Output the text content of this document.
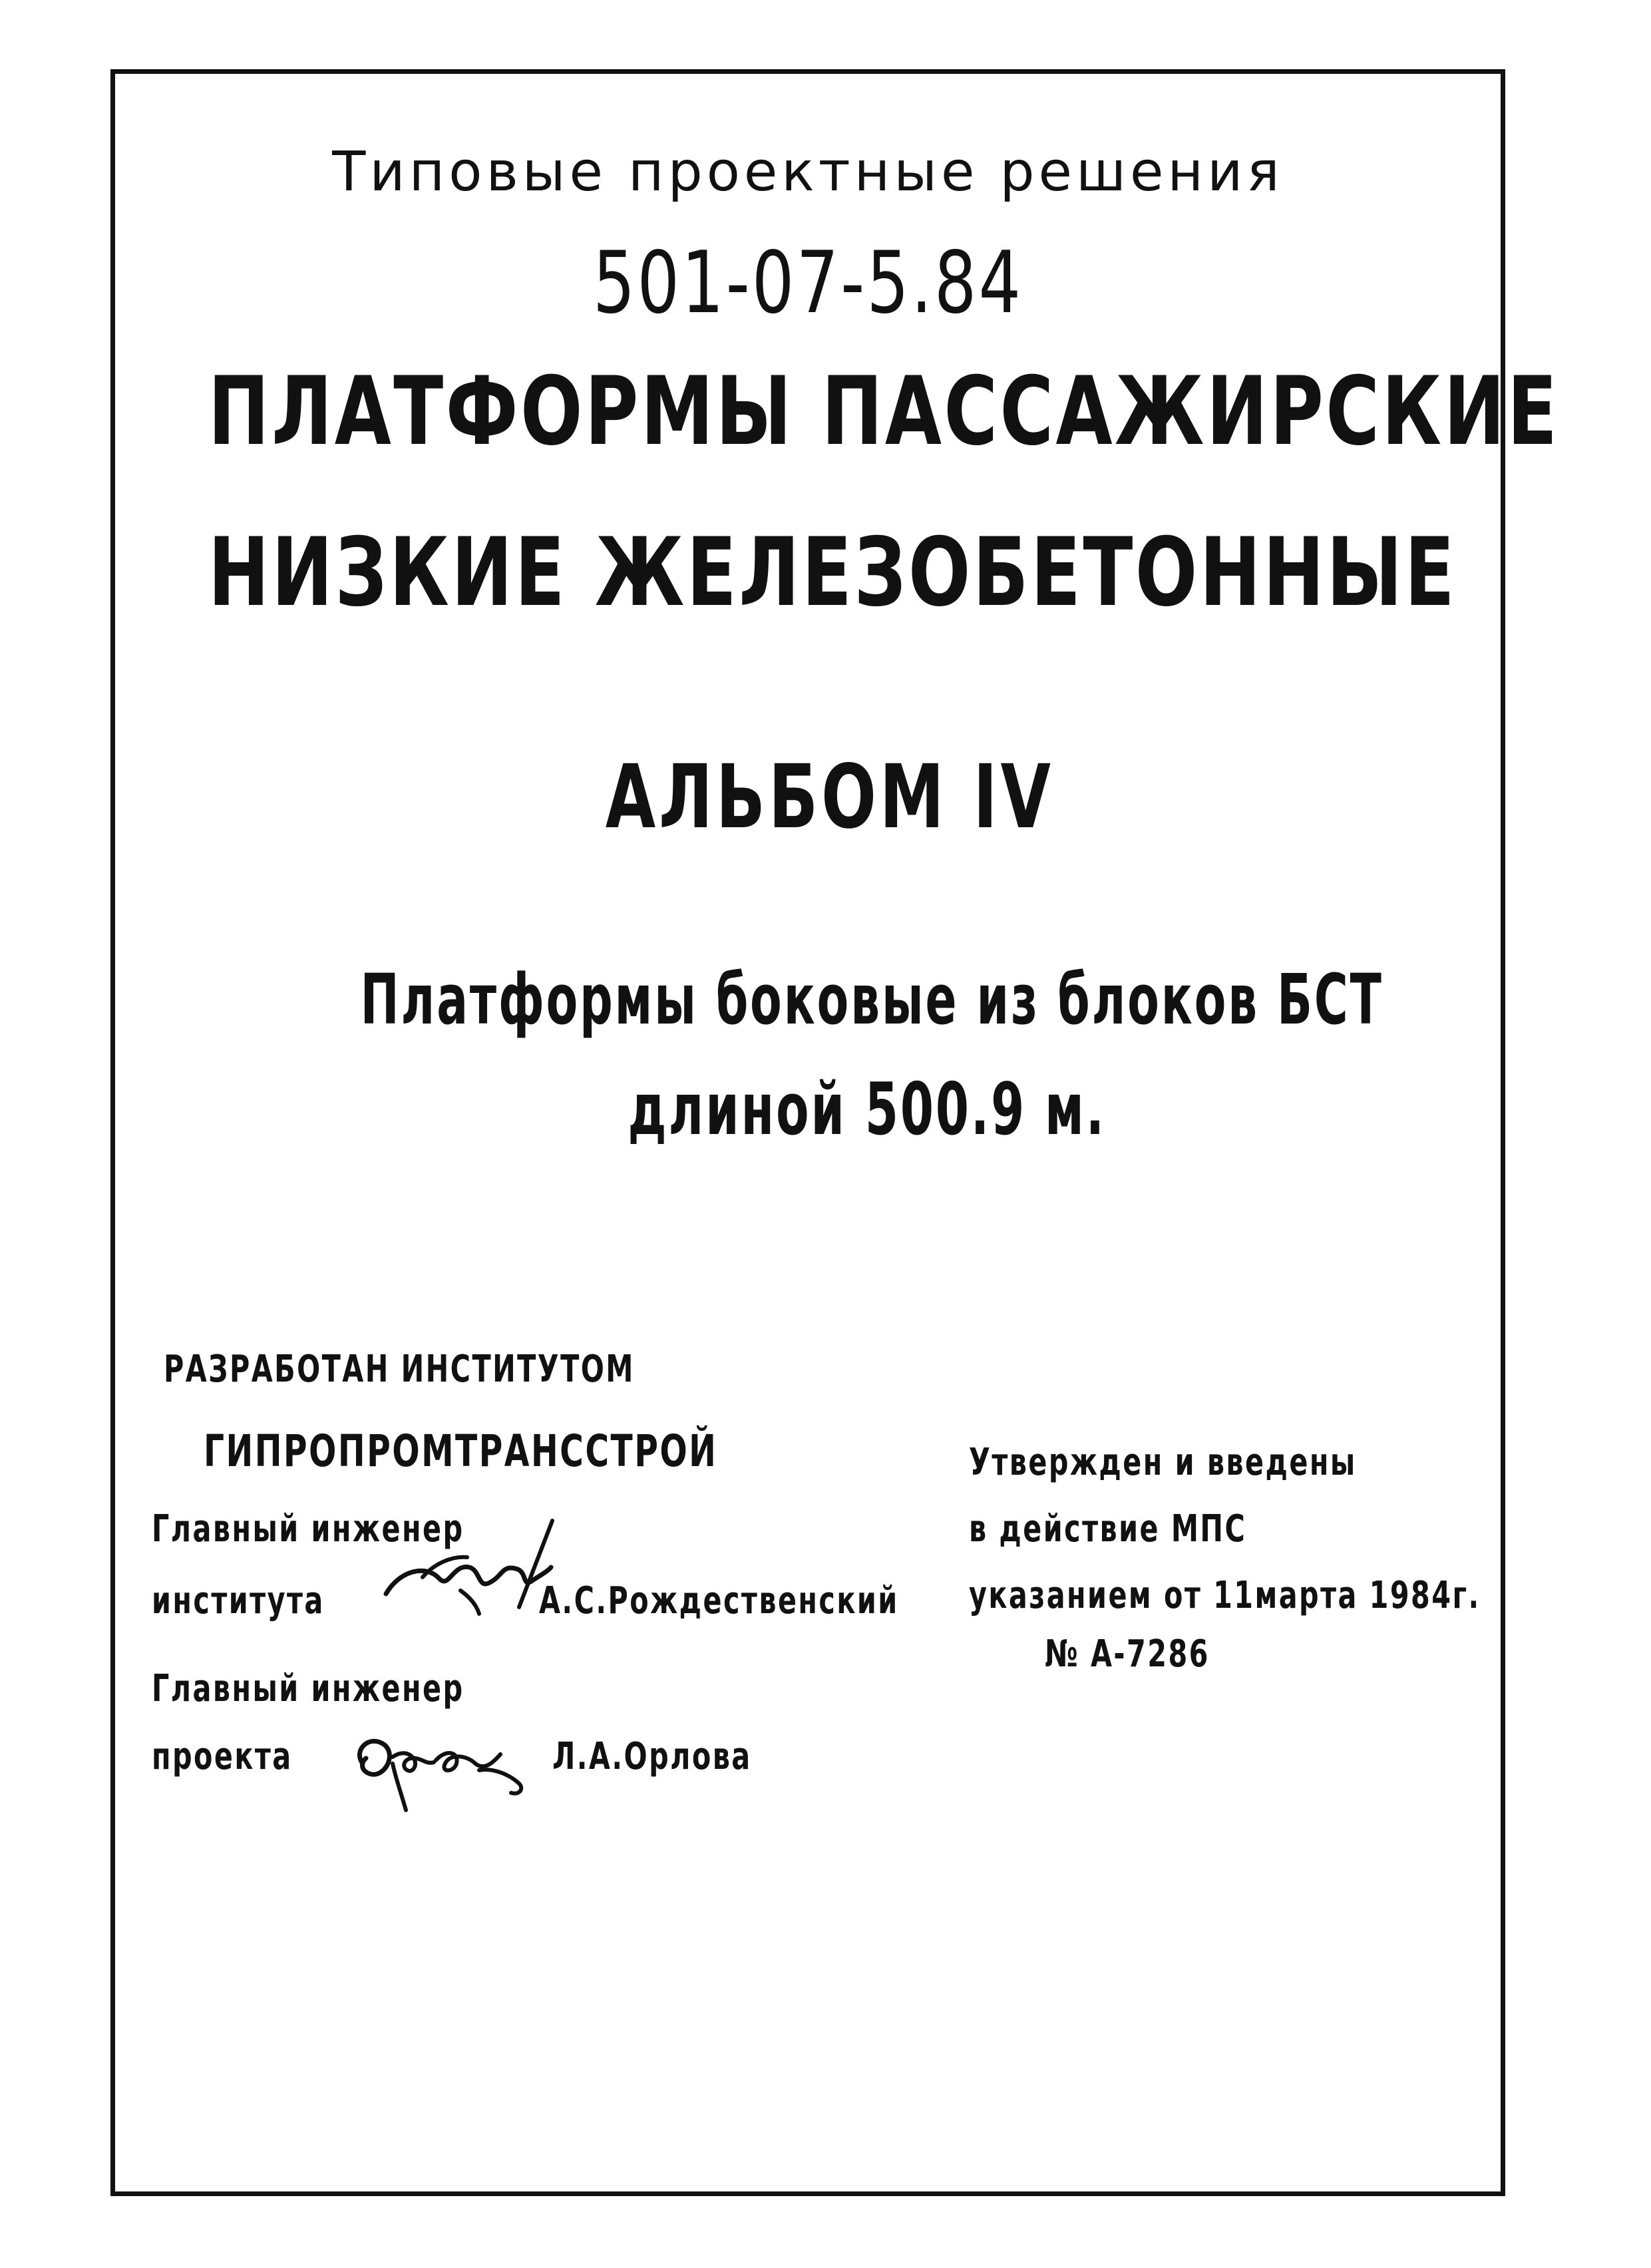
Типовые проектные решения
501-07-5.84
ПЛАТФОРМЫ ПАССАЖИРСКИЕ
НИЗКИЕ ЖЕЛЕЗОБЕТОННЫЕ
АЛЬБОМ IV
Платформы боковые из блоков БСТ
длиной 500.9 м.
РАЗРАБОТАН ИНСТИТУТОМ
ГИПРОПРОМТРАНССТРОЙ
Главный инженер
института	А.С.Рождественский
Главный инженер
проекта	Л.А.Орлова
Утвержден и введены
в действие МПС
указанием от 11марта 1984г.
№ А-7286
